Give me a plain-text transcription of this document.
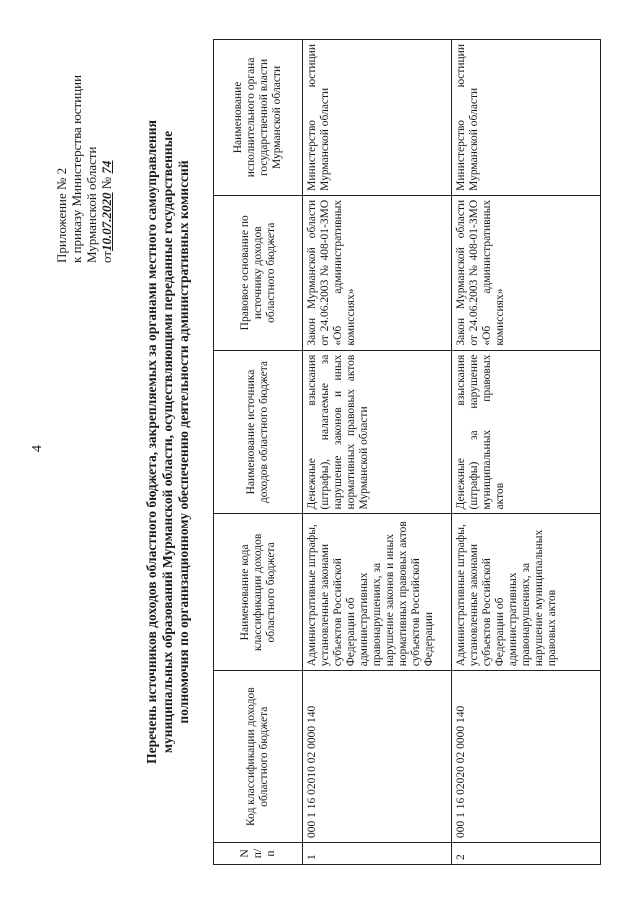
4
Приложение № 2 к приказу Министерства юстиции Мурманской области от10.07.2020 № 74 Перечень источников доходов областного бюджета, закрепляемых за органами местного самоуправления муниципальных образований Мурманской области, осуществляющими переданные государственные полномочия по организационному обеспечению деятельности административных комиссий
N п/п	Код классификации доходов областного бюджета	Наименование кода классификации доходов областного бюджета	Наименование источника доходов областного бюджета	Правовое основание по источнику доходов областного бюджета	Наименование исполнительного органа государственной власти Мурманской области
1	000 1 16 02010 02 0000 140	Административные штрафы, установленные законами субъектов Российской Федерации об административных правонарушениях, за нарушение законов и иных нормативных правовых актов субъектов Российской Федерации	Денежные взыскания (штрафы), налагаемые за нарушение законов и иных нормативных правовых актов Мурманской области	Закон Мурманской области от 24.06.2003 № 408-01-ЗМО «Об административных комиссиях»	Министерство юстиции Мурманской области
2	000 1 16 02020 02 0000 140	Административные штрафы, установленные законами субъектов Российской Федерации об административных правонарушениях, за нарушение муниципальных правовых актов	Денежные взыскания (штрафы) за нарушение муниципальных правовых актов	Закон Мурманской области от 24.06.2003 № 408-01-ЗМО «Об административных комиссиях»	Министерство юстиции Мурманской области
